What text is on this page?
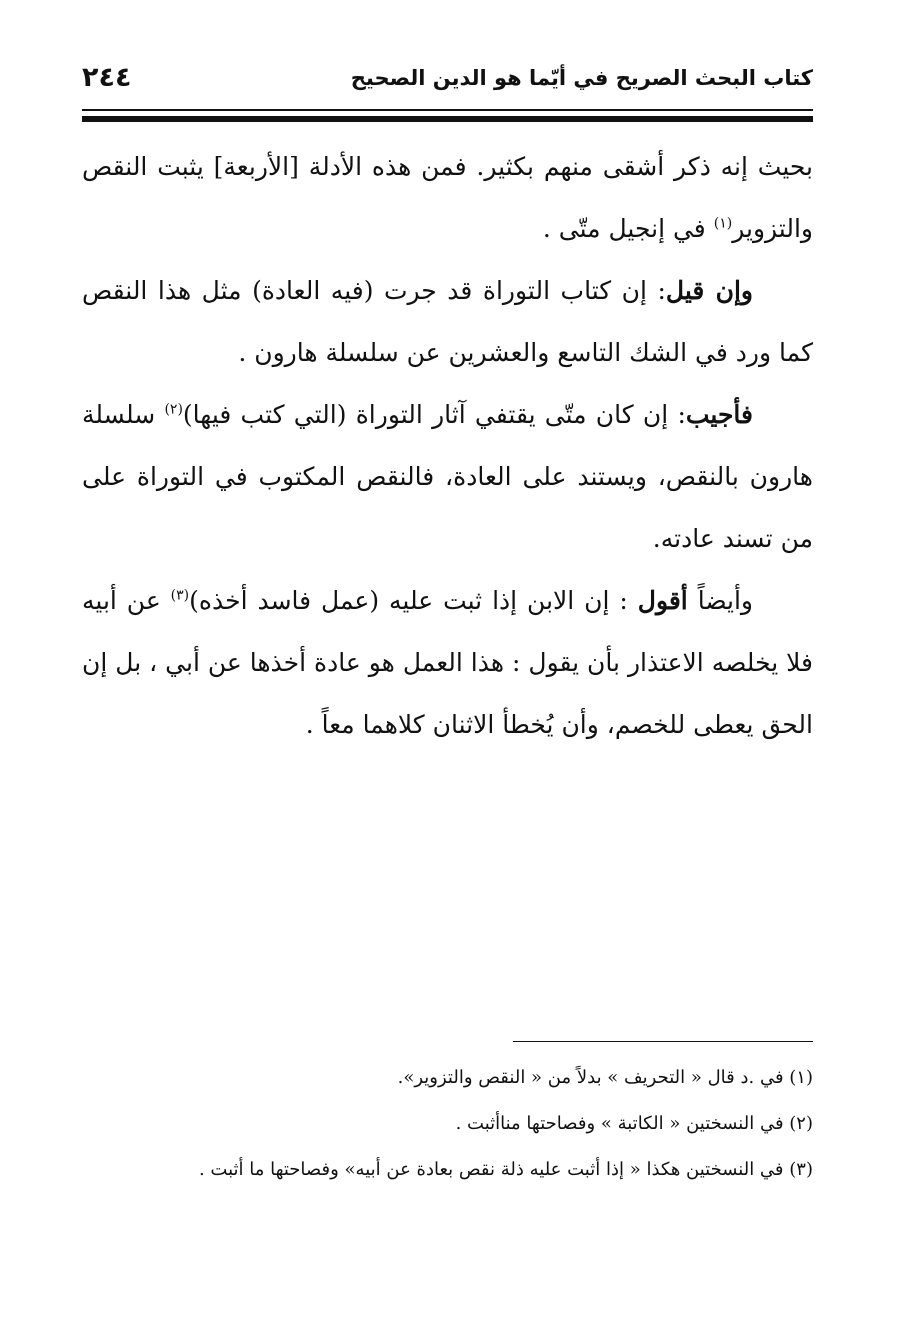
كتاب البحث الصريح في أيّما هو الدين الصحيح
٢٤٤

بحيث إنه ذكر أشقى منهم بكثير. فمن هذه الأدلة [الأربعة] يثبت النقص والتزوير$^{(١)}$ في إنجيل متّى .

وإن قيل: إن كتاب التوراة قد جرت (فيه العادة) مثل هذا النقص كما ورد في الشك التاسع والعشرين عن سلسلة هارون .

فأجيب: إن كان متّى يقتفي آثار التوراة (التي كتب فيها)$^{(٢)}$ سلسلة هارون بالنقص، ويستند على العادة، فالنقص المكتوب في التوراة على من تسند عادته.

وأيضاً أقول : إن الابن إذا ثبت عليه (عمل فاسد أخذه)$^{(٣)}$ عن أبيه فلا يخلصه الاعتذار بأن يقول : هذا العمل هو عادة أخذها عن أبي ، بل إن الحق يعطى للخصم، وأن يُخطأ الاثنان كلاهما معاً .

(١) في .د قال « التحريف » بدلاً من « النقص والتزوير».

(٢) في النسختين « الكاتبة » وفصاحتها مناأثبت .

(٣) في النسختين هكذا « إذا أثبت عليه ذلة نقص بعادة عن أبيه» وفصاحتها ما أثبت .
